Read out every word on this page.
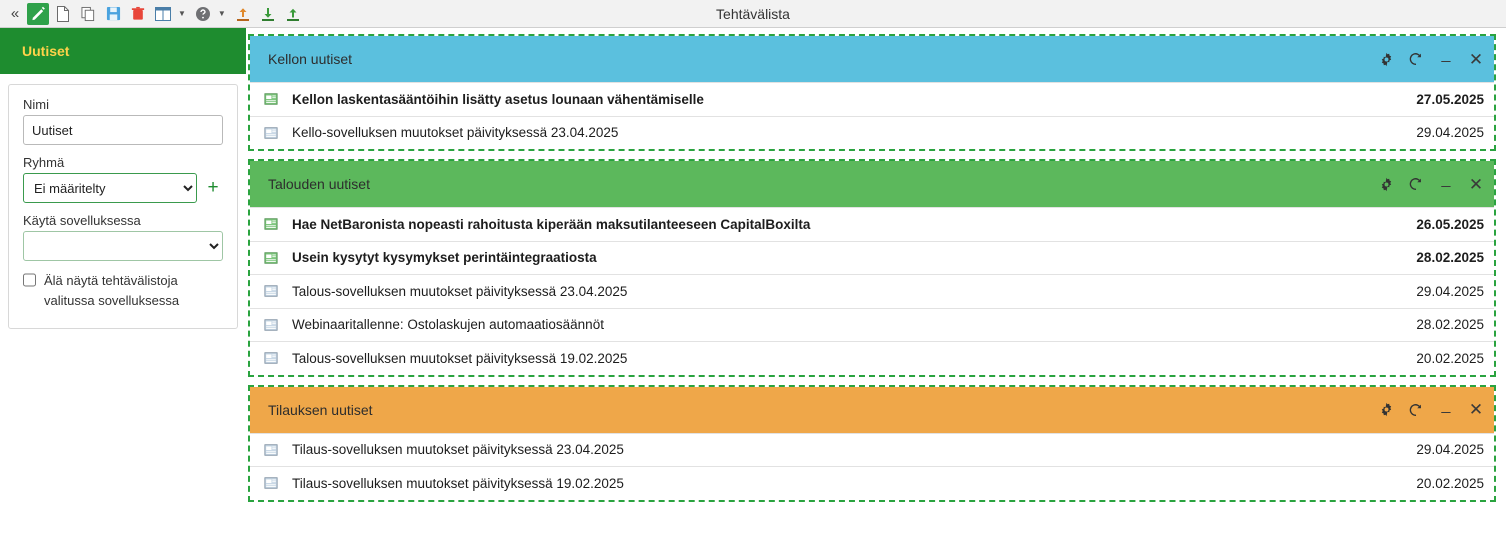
«	▼	▼	Tehtävälista
Uutiset
Nimi
Uutiset
Ryhmä
Ei määritelty
+
Käytä sovelluksessa
Älä näytä tehtävälistoja valitussa sovelluksessa
Kellon uutiset	_ ✕
Kellon laskentasääntöihin lisätty asetus lounaan vähentämiselle	27.05.2025
Kello-sovelluksen muutokset päivityksessä 23.04.2025	29.04.2025
Talouden uutiset	_ ✕
Hae NetBaronista nopeasti rahoitusta kiperään maksutilanteeseen CapitalBoxilta	26.05.2025
Usein kysytyt kysymykset perintäintegraatiosta	28.02.2025
Talous-sovelluksen muutokset päivityksessä 23.04.2025	29.04.2025
Webinaaritallenne: Ostolaskujen automaatiosäännöt	28.02.2025
Talous-sovelluksen muutokset päivityksessä 19.02.2025	20.02.2025
Tilauksen uutiset	_ ✕
Tilaus-sovelluksen muutokset päivityksessä 23.04.2025	29.04.2025
Tilaus-sovelluksen muutokset päivityksessä 19.02.2025	20.02.2025
